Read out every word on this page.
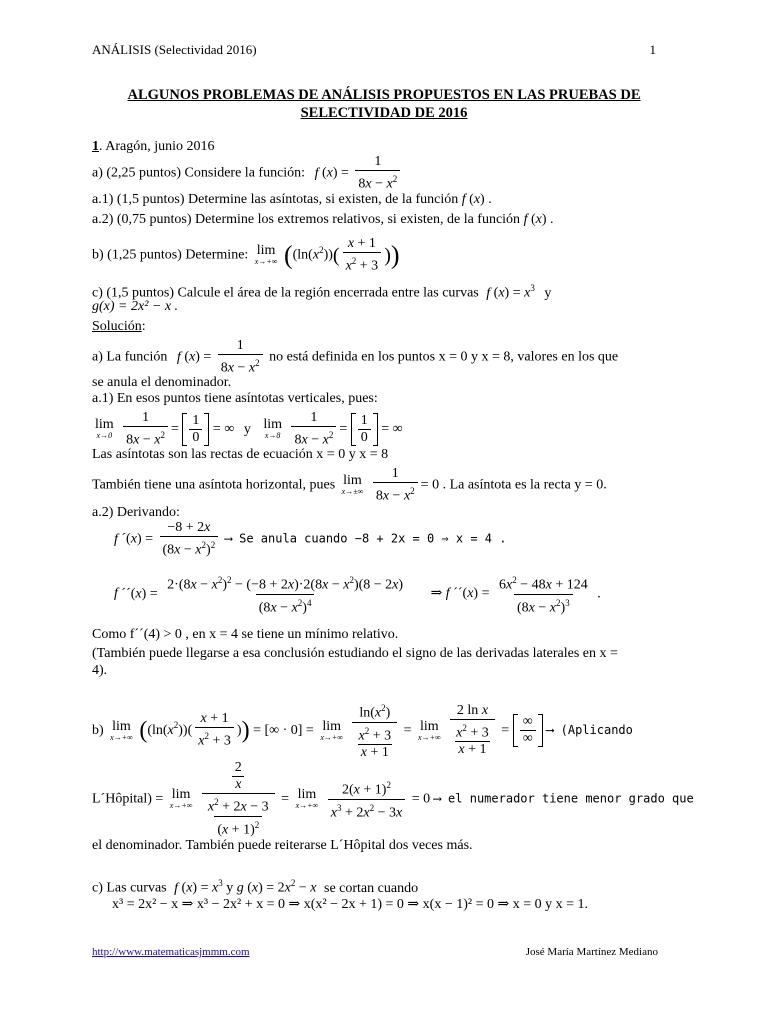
ANÁLISIS (Selectividad 2016)	1
ALGUNOS PROBLEMAS DE ANÁLISIS PROPUESTOS EN LAS PRUEBAS DE SELECTIVIDAD DE 2016
1. Aragón, junio 2016
a) (2,25 puntos) Considere la función: f $(x) = \frac{1}{8x - x^2}$
a.1) (1,5 puntos) Determine las asíntotas, si existen, de la función f (x) .
a.2) (0,75 puntos) Determine los extremos relativos, si existen, de la función f (x) .
b) (1,25 puntos) Determine: lim
x→+∞ ($(\ln(x^2))( \frac{x + 1}{x^2 + 3}$ ))
c) (1,5 puntos) Calcule el área de la región encerrada entre las curvas f $(x) = x^3$ y
g(x) = 2x² − x .
Solución:
a) La función f $(x) = \frac{1}{8x - x^2}$ no está definida en los puntos x = 0 y x = 8, valores en los que
se anula el denominador.
a.1) En esos puntos tiene asíntotas verticales, pues:
lim
x→0
$\frac{1}{8x - x^2} = \frac{1}{0}$ = ∞ y lim
x→8
$\frac{1}{8x - x^2} = \frac{1}{0}$ = ∞
Las asíntotas son las rectas de ecuación x = 0 y x = 8
También tiene una asíntota horizontal, pues lim
x→±∞
$\frac{1}{8x - x^2} = 0$ . La asíntota es la recta y = 0.
a.2) Derivando:
f ´(x) = $\frac{-8 + 2x}{(8x - x^2)^2}$ ⟶ Se anula cuando −8 + 2x = 0 ⇒ x = 4 .
f ´´(x) = $\frac{2\cdot(8x - x^2)^2 - (-8 + 2x)\cdot 2(8x - x^2)(8 - 2x)}{(8x - x^2)^4}$ ⇒ f ´´(x) = $\frac{6x^2 - 48x + 124}{(8x - x^2)^3}$ .
Como f´´(4) > 0 , en x = 4 se tiene un mínimo relativo.
(También puede llegarse a esa conclusión estudiando el signo de las derivadas laterales en x =
4).
b) lim
x→+∞ ($(\ln(x^2))( \frac{x + 1}{x^2 + 3}$ )) = [∞ · 0] = lim
x→+∞
$\frac{\ln(x^2)}{\frac{x^2 + 3}{x + 1}} = \lim$
x→+∞
$\frac{\text{2 ln x}}{\frac{x^2 + 3}{x + 1}} = \frac{\infty}{\infty}$ ⟶ (Aplicando
L´Hôpital) = lim
x→+∞
$\frac{\frac{2}{x}}{\frac{x^2 + 2x - 3}{(x + 1)^2}} = \lim$
x→+∞
$\frac{2(x + 1)^2}{x^3 + 2x^2 - 3x} = 0$ ⟶ el numerador tiene menor grado que
el denominador. También puede reiterarse L´Hôpital dos veces más.
c) Las curvas f $(x) = x^3$ y g $(x) = 2x^2 - x$ se cortan cuando
x³ = 2x² − x ⇒ x³ − 2x² + x = 0 ⇒ x(x² − 2x + 1) = 0 ⇒ x(x − 1)² = 0 ⇒ x = 0 y x = 1.
http://www.matematicasjmmm.com	José María Martínez Mediano
